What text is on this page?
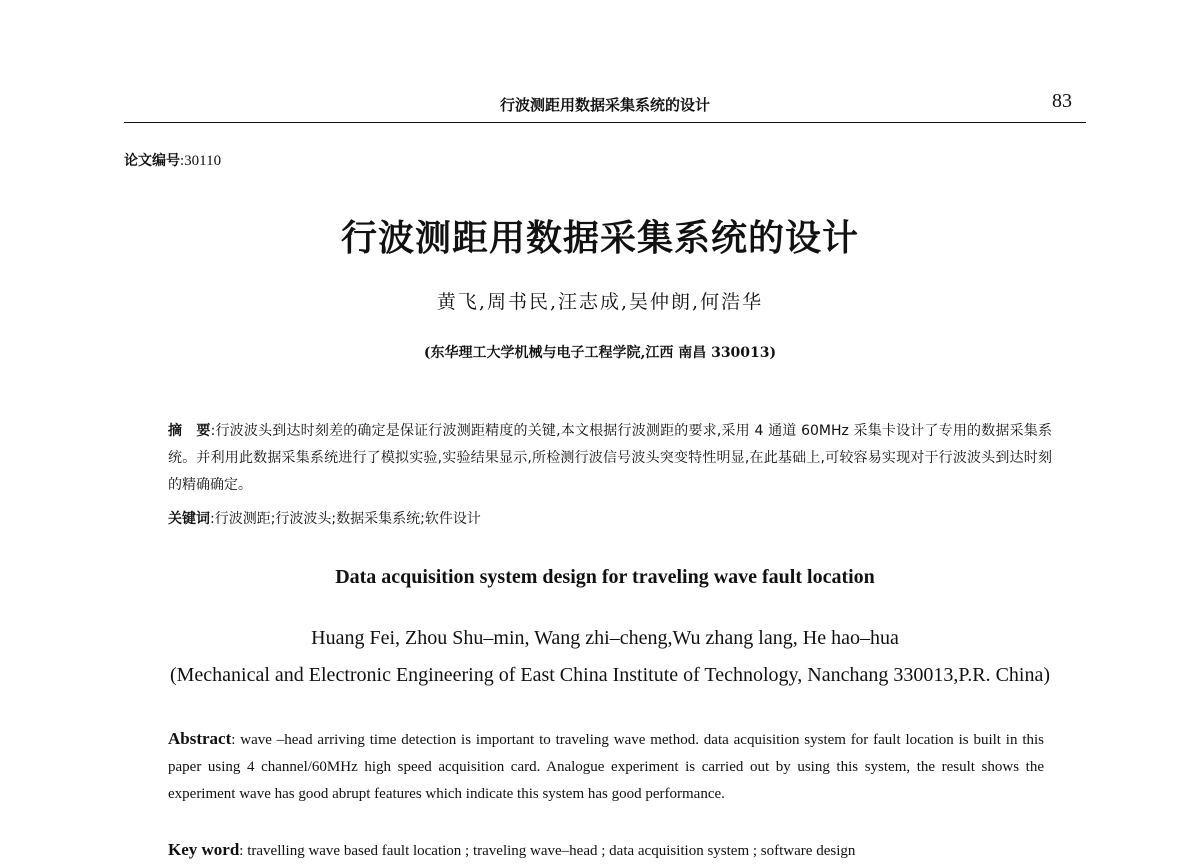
行波测距用数据采集系统的设计	83
论文编号:30110
行波测距用数据采集系统的设计
黄飞,周书民,汪志成,吴仲朗,何浩华
(东华理工大学机械与电子工程学院,江西 南昌 330013)
摘　要:行波波头到达时刻差的确定是保证行波测距精度的关键,本文根据行波测距的要求,采用 4 通道 60MHz 采集卡设计了专用的数据采集系统。并利用此数据采集系统进行了模拟实验,实验结果显示,所检测行波信号波头突变特性明显,在此基础上,可较容易实现对于行波波头到达时刻的精确确定。
关键词:行波测距;行波波头;数据采集系统;软件设计
Data acquisition system design for traveling wave fault location
Huang Fei, Zhou Shu–min, Wang zhi–cheng,Wu zhang lang, He hao–hua
(Mechanical and Electronic Engineering of East China Institute of Technology, Nanchang 330013,P.R. China)
Abstract: wave –head arriving time detection is important to traveling wave method. data acquisition system for fault location is built in this paper using 4 channel/60MHz high speed acquisition card. Analogue experiment is carried out by using this system, the result shows the experiment wave has good abrupt features which indicate this system has good performance.
Key word: travelling wave based fault location ; traveling wave–head ; data acquisition system ; software design
